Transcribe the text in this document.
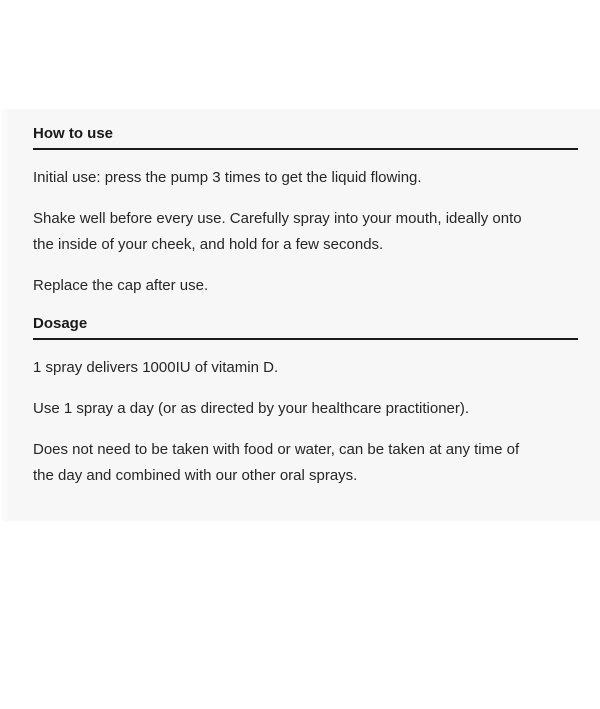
How to use

Initial use: press the pump 3 times to get the liquid flowing.

Shake well before every use. Carefully spray into your mouth, ideally onto the inside of your cheek, and hold for a few seconds.

Replace the cap after use.

Dosage

1 spray delivers 1000IU of vitamin D.

Use 1 spray a day (or as directed by your healthcare practitioner).

Does not need to be taken with food or water, can be taken at any time of the day and combined with our other oral sprays.
